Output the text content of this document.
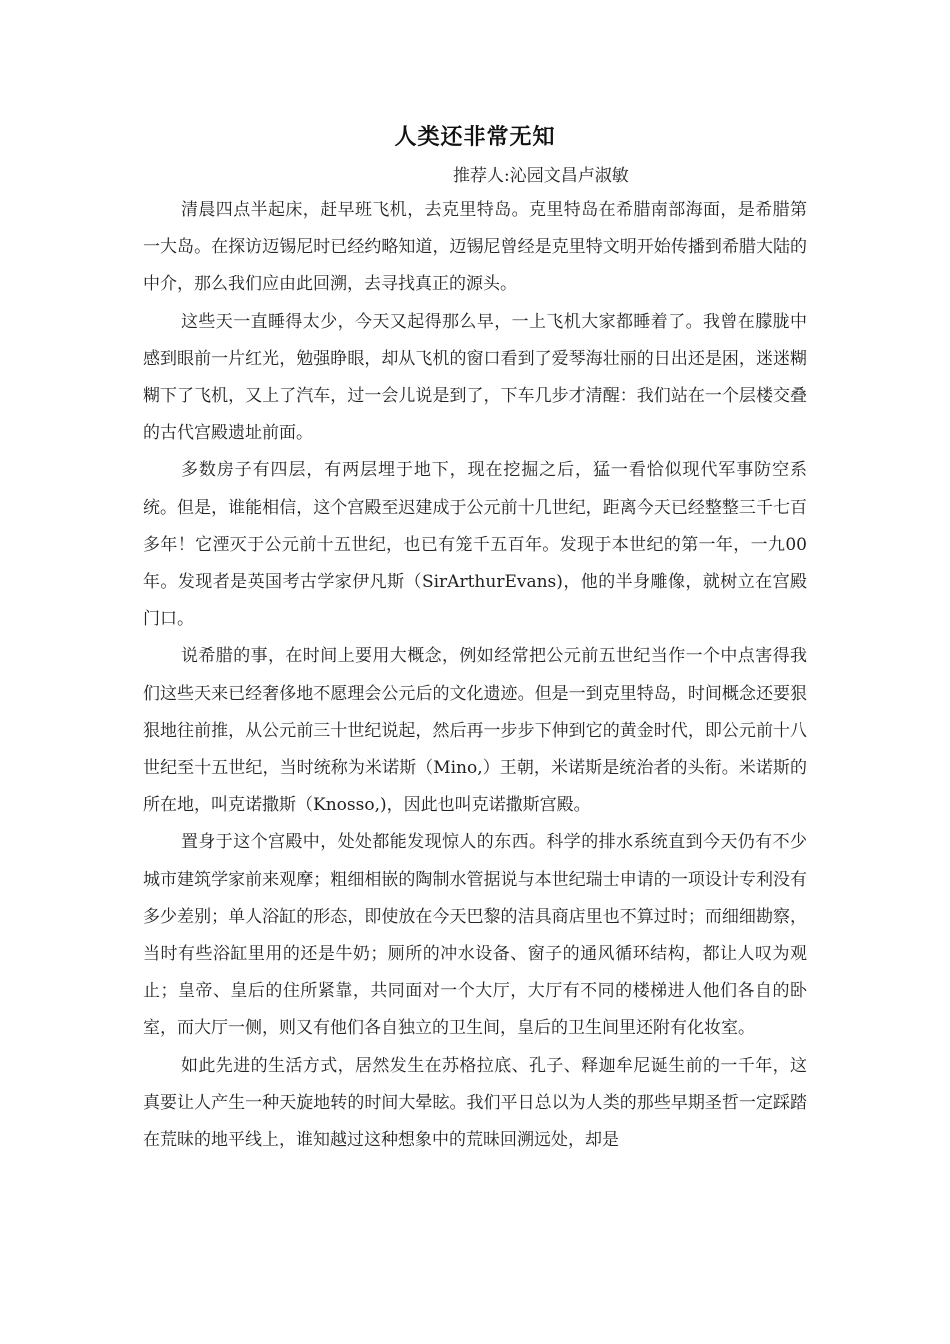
人类还非常无知
推荐人:沁园文昌卢淑敏

清晨四点半起床，赶早班飞机，去克里特岛。克里特岛在希腊南部海面，是希腊第一大岛。在探访迈锡尼时已经约略知道，迈锡尼曾经是克里特文明开始传播到希腊大陆的中介，那么我们应由此回溯，去寻找真正的源头。

这些天一直睡得太少，今天又起得那么早，一上飞机大家都睡着了。我曾在朦胧中感到眼前一片红光，勉强睁眼，却从飞机的窗口看到了爱琴海壮丽的日出还是困，迷迷糊糊下了飞机，又上了汽车，过一会儿说是到了，下车几步才清醒：我们站在一个层楼交叠的古代宫殿遗址前面。

多数房子有四层，有两层埋于地下，现在挖掘之后，猛一看恰似现代军事防空系统。但是，谁能相信，这个宫殿至迟建成于公元前十几世纪，距离今天已经整整三千七百多年！它湮灭于公元前十五世纪，也已有笼千五百年。发现于本世纪的第一年，一九00年。发现者是英国考古学家伊凡斯（SirArthurEvans)，他的半身雕像，就树立在宫殿门口。

说希腊的事，在时间上要用大概念，例如经常把公元前五世纪当作一个中点害得我们这些天来已经奢侈地不愿理会公元后的文化遗迹。但是一到克里特岛，时间概念还要狠狠地往前推，从公元前三十世纪说起，然后再一步步下伸到它的黄金时代，即公元前十八世纪至十五世纪，当时统称为米诺斯（Mino,）王朝，米诺斯是统治者的头衔。米诺斯的所在地，叫克诺撒斯（Knosso,)，因此也叫克诺撒斯宫殿。

置身于这个宫殿中，处处都能发现惊人的东西。科学的排水系统直到今天仍有不少城市建筑学家前来观摩；粗细相嵌的陶制水管据说与本世纪瑞士申请的一项设计专利没有多少差别；单人浴缸的形态，即使放在今天巴黎的洁具商店里也不算过时；而细细勘察，当时有些浴缸里用的还是牛奶；厕所的冲水设备、窗子的通风循环结构，都让人叹为观止；皇帝、皇后的住所紧靠，共同面对一个大厅，大厅有不同的楼梯进人他们各自的卧室，而大厅一侧，则又有他们各自独立的卫生间，皇后的卫生间里还附有化妆室。

如此先进的生活方式，居然发生在苏格拉底、孔子、释迦牟尼诞生前的一千年，这真要让人产生一种天旋地转的时间大晕眩。我们平日总以为人类的那些早期圣哲一定踩踏在荒昧的地平线上，谁知越过这种想象中的荒昧回溯远处，却是
